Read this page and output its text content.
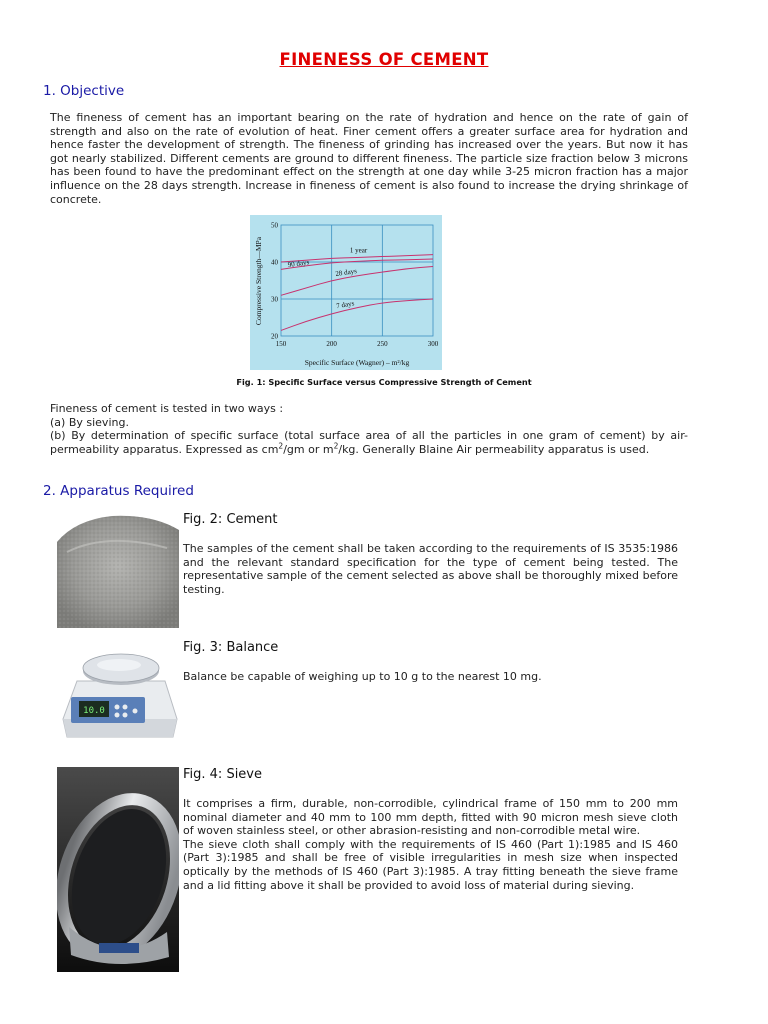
FINENESS OF CEMENT
1. Objective

The fineness of cement has an important bearing on the rate of hydration and hence on the rate of gain of strength and also on the rate of evolution of heat. Finer cement offers a greater surface area for hydration and hence faster the development of strength. The fineness of grinding has increased over the years. But now it has got nearly stabilized. Different cements are ground to different fineness. The particle size fraction below 3 microns has been found to have the predominant effect on the strength at one day while 3-25 micron fraction has a major influence on the 28 days strength. Increase in fineness of cement is also found to increase the drying shrinkage of concrete.

150	200	250	300
20
30
40
50
1 year
90 days
28 days
7 days
Compressive Strength—MPa
Specific Surface (Wagner) – m²/kg

Fig. 1: Specific Surface versus Compressive Strength of Cement

Fineness of cement is tested in two ways :
(a) By sieving.

(b) By determination of specific surface (total surface area of all the particles in one gram of cement) by air-permeability apparatus. Expressed as $cm^2/gm$ or $m^2/kg$. Generally Blaine Air permeability apparatus is used.

2. Apparatus Required
Fig. 2: Cement

The samples of the cement shall be taken according to the requirements of IS 3535:1986 and the relevant standard specification for the type of cement being tested. The representative sample of the cement selected as above shall be thoroughly mixed before testing.

10.0
Fig. 3: Balance

Balance be capable of weighing up to 10 g to the nearest 10 mg.

Fig. 4: Sieve

It comprises a firm, durable, non-corrodible, cylindrical frame of 150 mm to 200 mm nominal diameter and 40 mm to 100 mm depth, fitted with 90 micron mesh sieve cloth of woven stainless steel, or other abrasion-resisting and non-corrodible metal wire.

The sieve cloth shall comply with the requirements of IS 460 (Part 1):1985 and IS 460 (Part 3):1985 and shall be free of visible irregularities in mesh size when inspected optically by the methods of IS 460 (Part 3):1985. A tray fitting beneath the sieve frame and a lid fitting above it shall be provided to avoid loss of material during sieving.
